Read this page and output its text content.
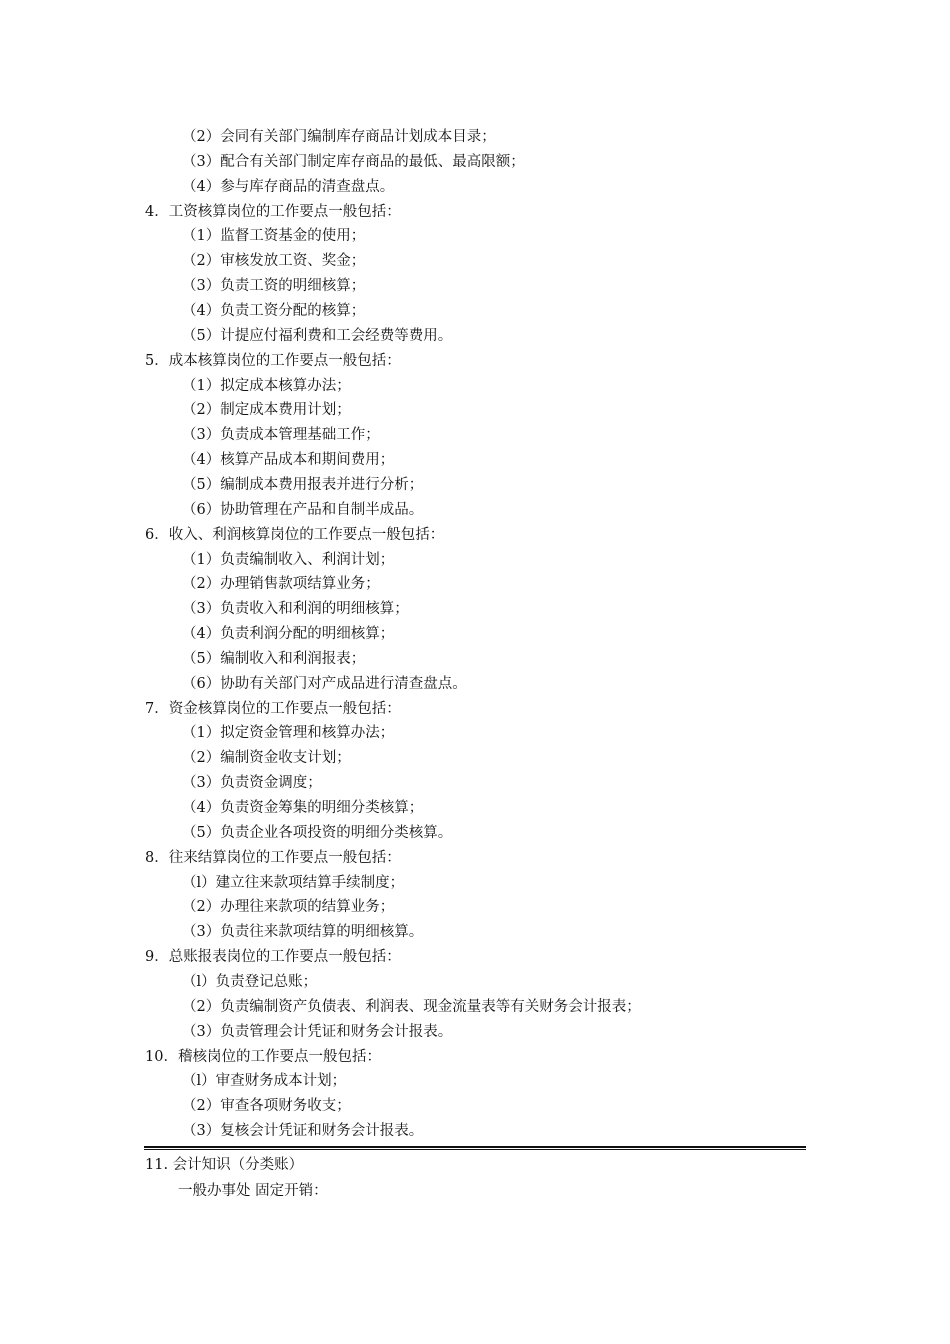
（2）会同有关部门编制库存商品计划成本目录；
（3）配合有关部门制定库存商品的最低、最高限额；
（4）参与库存商品的清查盘点。
4．工资核算岗位的工作要点一般包括：
（1）监督工资基金的使用；
（2）审核发放工资、奖金；
（3）负责工资的明细核算；
（4）负责工资分配的核算；
（5）计提应付福利费和工会经费等费用。
5．成本核算岗位的工作要点一般包括：
（1）拟定成本核算办法；
（2）制定成本费用计划；
（3）负责成本管理基础工作；
（4）核算产品成本和期间费用；
（5）编制成本费用报表并进行分析；
（6）协助管理在产品和自制半成品。
6．收入、利润核算岗位的工作要点一般包括：
（1）负责编制收入、利润计划；
（2）办理销售款项结算业务；
（3）负责收入和利润的明细核算；
（4）负责利润分配的明细核算；
（5）编制收入和利润报表；
（6）协助有关部门对产成品进行清查盘点。
7．资金核算岗位的工作要点一般包括：
（1）拟定资金管理和核算办法；
（2）编制资金收支计划；
（3）负责资金调度；
（4）负责资金筹集的明细分类核算；
（5）负责企业各项投资的明细分类核算。
8．往来结算岗位的工作要点一般包括：
（l）建立往来款项结算手续制度；
（2）办理往来款项的结算业务；
（3）负责往来款项结算的明细核算。
9．总账报表岗位的工作要点一般包括：
（l）负责登记总账；
（2）负责编制资产负债表、利润表、现金流量表等有关财务会计报表；
（3）负责管理会计凭证和财务会计报表。
10．稽核岗位的工作要点一般包括：
（l）审查财务成本计划；
（2）审查各项财务收支；
（3）复核会计凭证和财务会计报表。
11. 会计知识（分类账）
一般办事处 固定开销：
